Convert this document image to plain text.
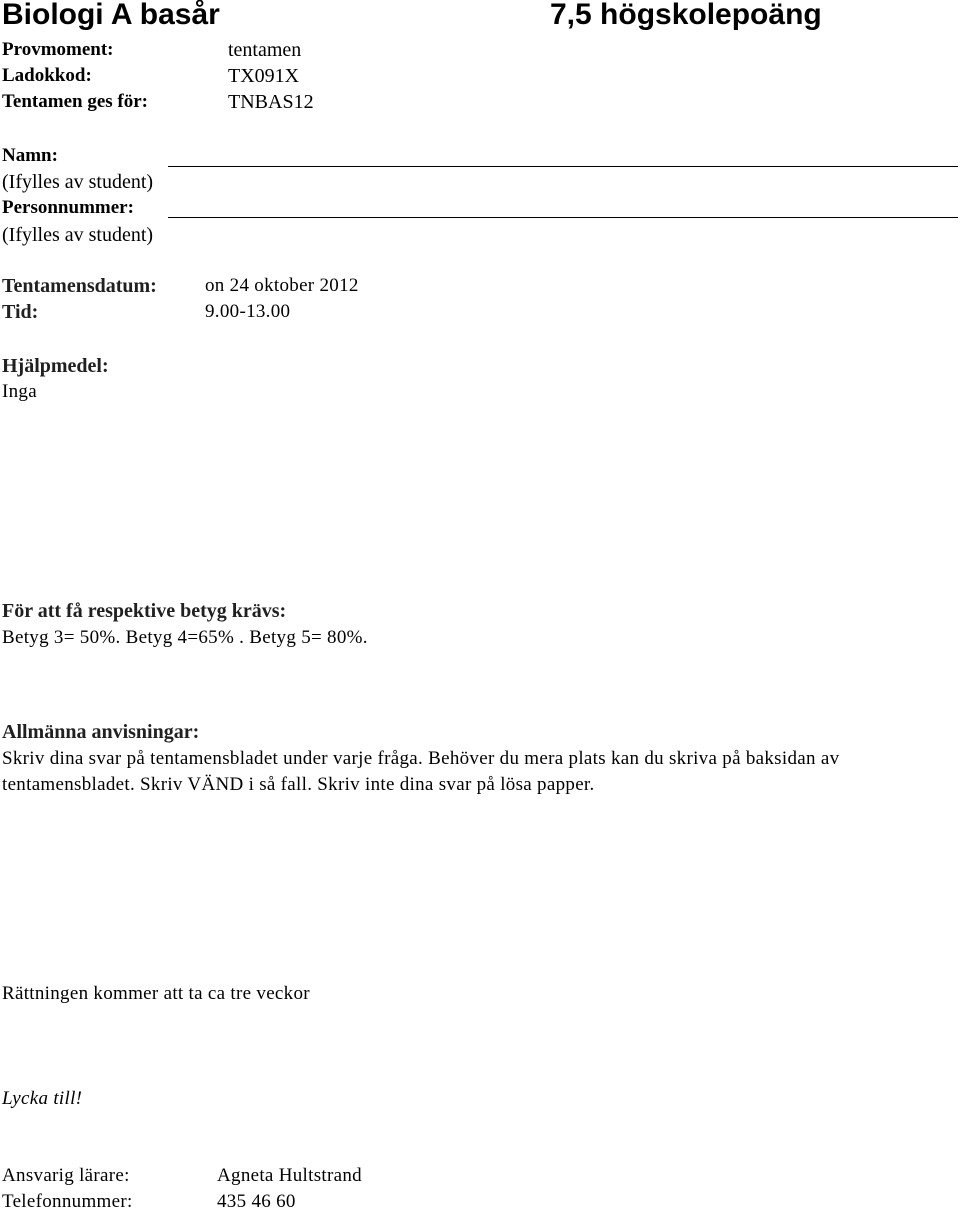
Biologi A basår	7,5 högskolepoäng
Provmoment:	tentamen
Ladokkod:	TX091X
Tentamen ges för:	TNBAS12
Namn:
(Ifylles av student)
Personnummer:
(Ifylles av student)
Tentamensdatum:	on 24 oktober 2012
Tid:	9.00-13.00
Hjälpmedel:
Inga
För att få respektive betyg krävs:
Betyg 3= 50%. Betyg 4=65% . Betyg 5= 80%.
Allmänna anvisningar:
Skriv dina svar på tentamensbladet under varje fråga. Behöver du mera plats kan du skriva på baksidan av
tentamensbladet. Skriv VÄND i så fall. Skriv inte dina svar på lösa papper.
Rättningen kommer att ta ca tre veckor
Lycka till!
Ansvarig lärare:	Agneta Hultstrand
Telefonnummer:	435 46 60
